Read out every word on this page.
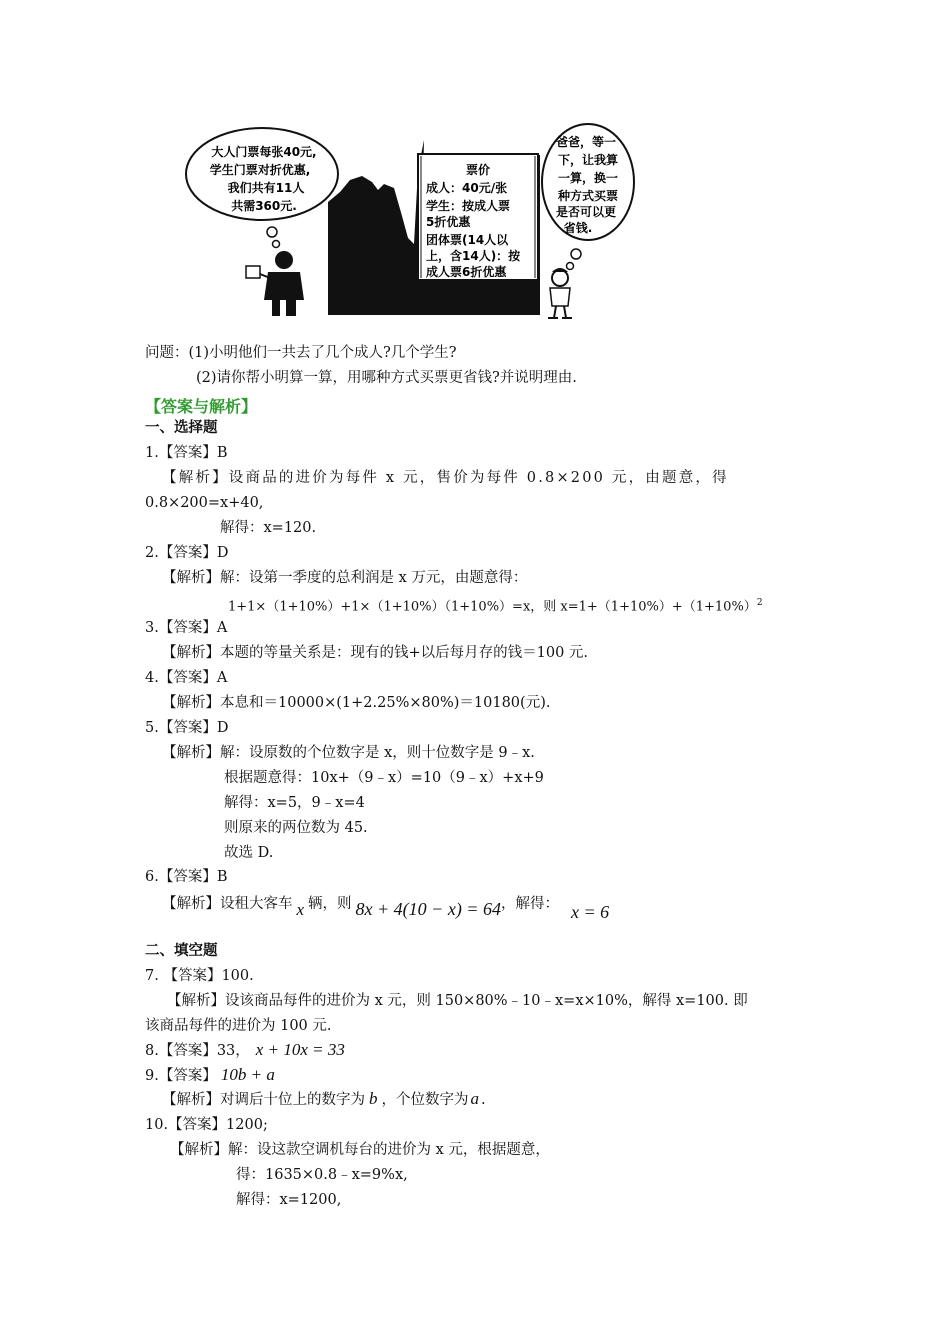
票价
成人：40元/张
学生：按成人票
5折优惠
团体票(14人以
上，含14人)：按
成人票6折优惠
大人门票每张40元,
学生门票对折优惠,
我们共有11人
共需360元.
爸爸，等一
下，让我算
一算，换一
种方式买票
是否可以更
省钱.
问题：(1)小明他们一共去了几个成人?几个学生?
(2)请你帮小明算一算，用哪种方式买票更省钱?并说明理由.
【答案与解析】
一、选择题
1.【答案】B
【解析】设商品的进价为每件 x 元，售价为每件 0.8×200 元，由题意，得
0.8×200=x+40,
解得：x=120.
2.【答案】D
【解析】解：设第一季度的总利润是 x 万元，由题意得：
1+1×（1+10%）+1×（1+10%）（1+10%）=x，则 $x=1+(1+10\%)+(1+10\%)^2$
3.【答案】A
【解析】本题的等量关系是：现有的钱+以后每月存的钱＝100 元.
4.【答案】A
【解析】本息和＝10000×(1+2.25%×80%)＝10180(元).
5.【答案】D
【解析】解：设原数的个位数字是 x，则十位数字是 9﹣x.
根据题意得：10x+（9﹣x）=10（9﹣x）+x+9
解得：x=5，9﹣x=4
则原来的两位数为 45.
故选 D.
6.【答案】B
【解析】设租大客车 x 辆，则 8x + 4(10 − x) = 64，解得： x = 6
二、填空题
7. 【答案】100.
【解析】设该商品每件的进价为 x 元，则 150×80%﹣10﹣x=x×10%，解得 x=100. 即
该商品每件的进价为 100 元.
8.【答案】33， x + 10x = 33
9.【答案】 10b + a
【解析】对调后十位上的数字为 b ，个位数字为 a .
10.【答案】1200;
【解析】解：设这款空调机每台的进价为 x 元，根据题意，
得：1635×0.8﹣x=9%x,
解得：x=1200,
